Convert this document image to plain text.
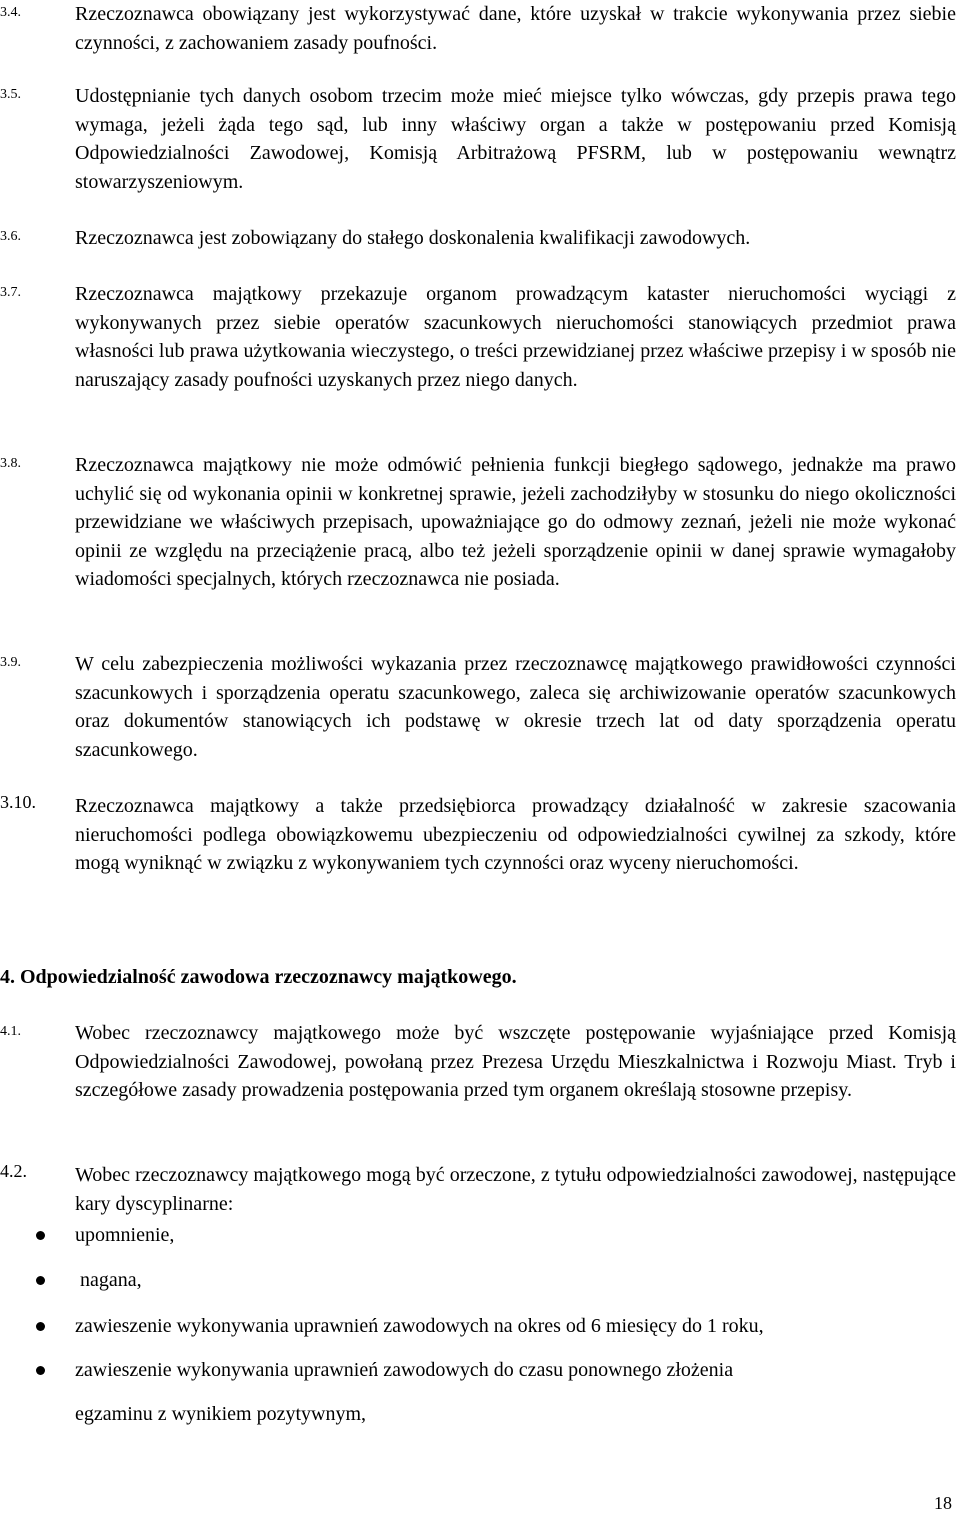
3.4.	Rzeczoznawca obowiązany jest wykorzystywać dane, które uzyskał w trakcie wykonywania przez siebie czynności, z zachowaniem zasady poufności.
3.5.	Udostępnianie tych danych osobom trzecim może mieć miejsce tylko wówczas, gdy przepis prawa tego wymaga, jeżeli żąda tego sąd, lub inny właściwy organ a także w postępowaniu przed Komisją Odpowiedzialności Zawodowej, Komisją Arbitrażową PFSRM, lub w postępowaniu wewnątrz stowarzyszeniowym.
3.6.	Rzeczoznawca jest zobowiązany do stałego doskonalenia kwalifikacji zawodowych.
3.7.	Rzeczoznawca majątkowy przekazuje organom prowadzącym kataster nieruchomości wyciągi z wykonywanych przez siebie operatów szacunkowych nieruchomości stanowiących przedmiot prawa własności lub prawa użytkowania wieczystego, o treści przewidzianej przez właściwe przepisy i w sposób nie naruszający zasady poufności uzyskanych przez niego danych.
3.8.	Rzeczoznawca majątkowy nie może odmówić pełnienia funkcji biegłego sądowego, jednakże ma prawo uchylić się od wykonania opinii w konkretnej sprawie, jeżeli zachodziłyby w stosunku do niego okoliczności przewidziane we właściwych przepisach, upoważniające go do odmowy zeznań, jeżeli nie może wykonać opinii ze względu na przeciążenie pracą, albo też jeżeli sporządzenie opinii w danej sprawie wymagałoby wiadomości specjalnych, których rzeczoznawca nie posiada.
3.9.	W celu zabezpieczenia możliwości wykazania przez rzeczoznawcę majątkowego prawidłowości czynności szacunkowych i sporządzenia operatu szacunkowego, zaleca się archiwizowanie operatów szacunkowych oraz dokumentów stanowiących ich podstawę w okresie trzech lat od daty sporządzenia operatu szacunkowego.
3.10. Rzeczoznawca majątkowy a także przedsiębiorca prowadzący działalność w zakresie szacowania nieruchomości podlega obowiązkowemu ubezpieczeniu od odpowiedzialności cywilnej za szkody, które mogą wyniknąć w związku z wykonywaniem tych czynności oraz wyceny nieruchomości.
4. Odpowiedzialność zawodowa rzeczoznawcy majątkowego.
4.1.	Wobec rzeczoznawcy majątkowego może być wszczęte postępowanie wyjaśniające przed Komisją Odpowiedzialności Zawodowej, powołaną przez Prezesa Urzędu Mieszkalnictwa i Rozwoju Miast. Tryb i szczegółowe zasady prowadzenia postępowania przed tym organem określają stosowne przepisy.
4.2. Wobec rzeczoznawcy majątkowego mogą być orzeczone, z tytułu odpowiedzialności zawodowej, następujące kary dyscyplinarne:
upomnienie,
nagana,
zawieszenie wykonywania uprawnień zawodowych na okres od 6 miesięcy do 1 roku,
zawieszenie wykonywania uprawnień zawodowych do czasu ponownego złożenia
egzaminu z wynikiem pozytywnym,
18
